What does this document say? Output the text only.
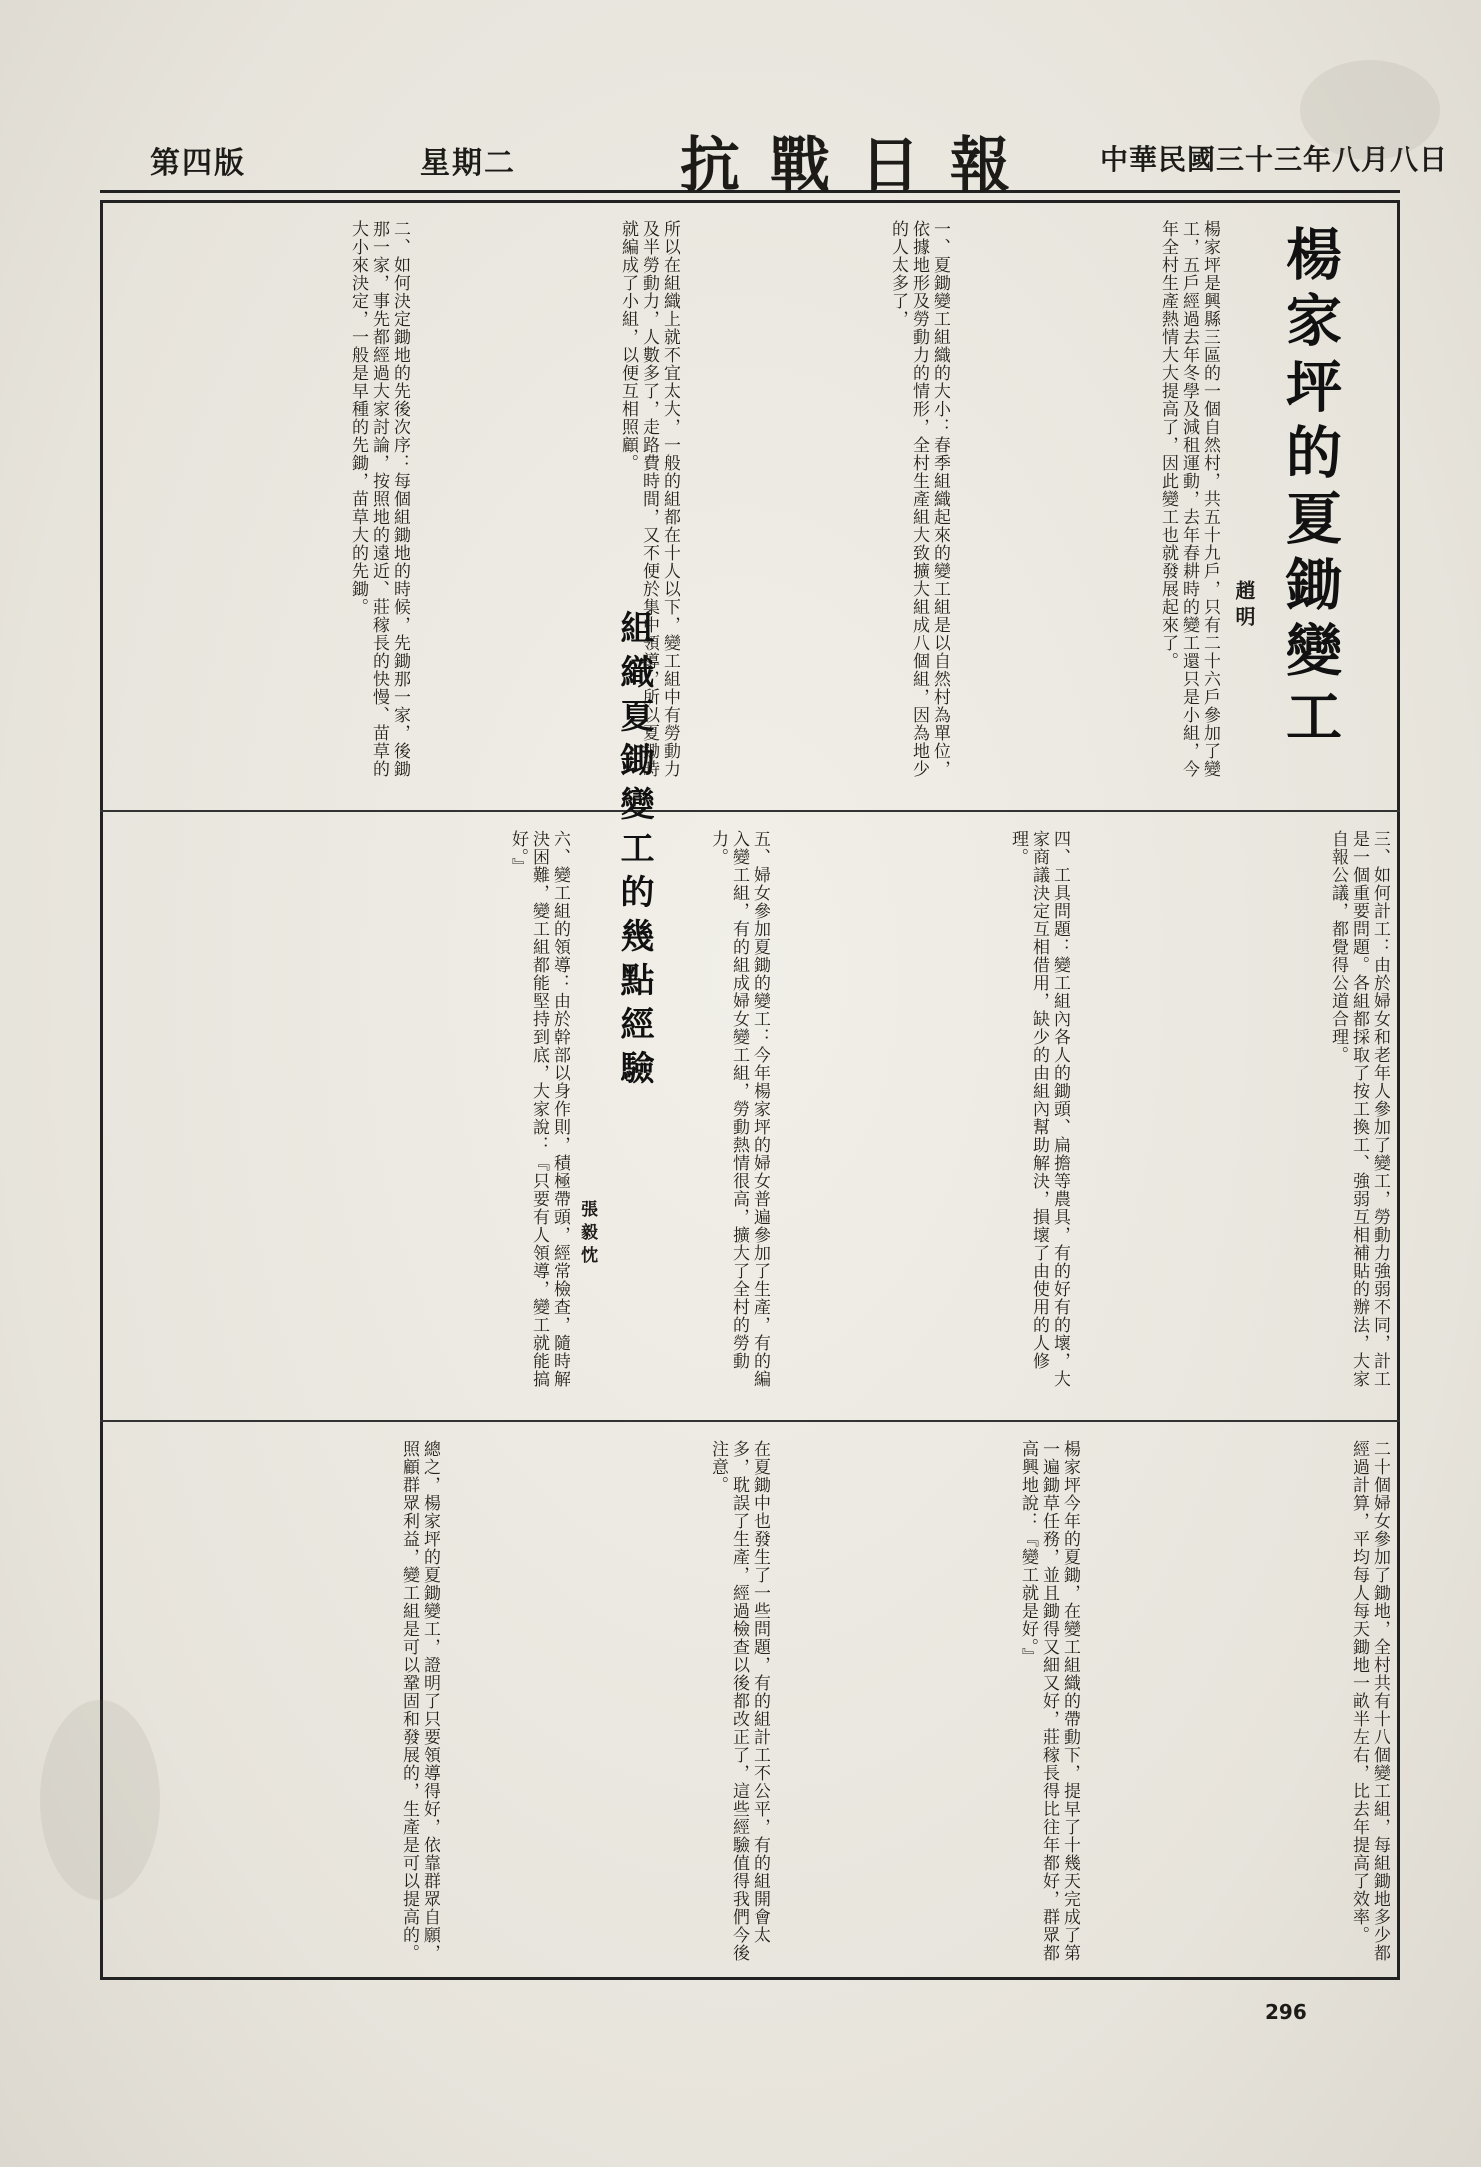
第四版	星期二	抗戰日報 中華民國三十三年八月八日
楊家坪的夏鋤變工
趙明
楊家坪是興縣三區的一個自然村，共五十九戶，只有二十六戶參加了變工，五戶經過去年冬學及減租運動，去年春耕時的變工還只是小組，今年全村生產熱情大大提高了，因此變工也就發展起來了。
一、夏鋤變工組織的大小：春季組織起來的變工組是以自然村為單位，依據地形及勞動力的情形，全村生產組大致擴大組成八個組，因為地少的人太多了，
所以在組織上就不宜太大，一般的組都在十人以下，變工組中有勞動力及半勞動力，人數多了，走路費時間，又不便於集中領導，所以夏鋤時就編成了小組，以便互相照顧。
二、如何決定鋤地的先後次序：每個組鋤地的時候，先鋤那一家，後鋤那一家，事先都經過大家討論，按照地的遠近、莊稼長的快慢、苗草的大小來決定，一般是早種的先鋤，苗草大的先鋤。
組織夏鋤變工的幾點經驗
張毅忱	三、如何計工：由於婦女和老年人參加了變工，勞動力強弱不同，計工是一個重要問題。各組都採取了按工換工、強弱互相補貼的辦法，大家自報公議，都覺得公道合理。
四、工具問題：變工組內各人的鋤頭、扁擔等農具，有的好有的壞，大家商議決定互相借用，缺少的由組內幫助解決，損壞了由使用的人修理。
五、婦女參加夏鋤的變工：今年楊家坪的婦女普遍參加了生產，有的編入變工組，有的組成婦女變工組，勞動熱情很高，擴大了全村的勞動力。
六、變工組的領導：由於幹部以身作則，積極帶頭，經常檢查，隨時解決困難，變工組都能堅持到底，大家說：『只要有人領導，變工就能搞好。』
二十個婦女參加了鋤地，全村共有十八個變工組，每組鋤地多少都經過計算，平均每人每天鋤地一畝半左右，比去年提高了效率。
楊家坪今年的夏鋤，在變工組織的帶動下，提早了十幾天完成了第一遍鋤草任務，並且鋤得又細又好，莊稼長得比往年都好，群眾都高興地說：『變工就是好。』
在夏鋤中也發生了一些問題，有的組計工不公平，有的組開會太多，耽誤了生產，經過檢查以後都改正了，這些經驗值得我們今後注意。
總之，楊家坪的夏鋤變工，證明了只要領導得好，依靠群眾自願，照顧群眾利益，變工組是可以鞏固和發展的，生產是可以提高的。
296
